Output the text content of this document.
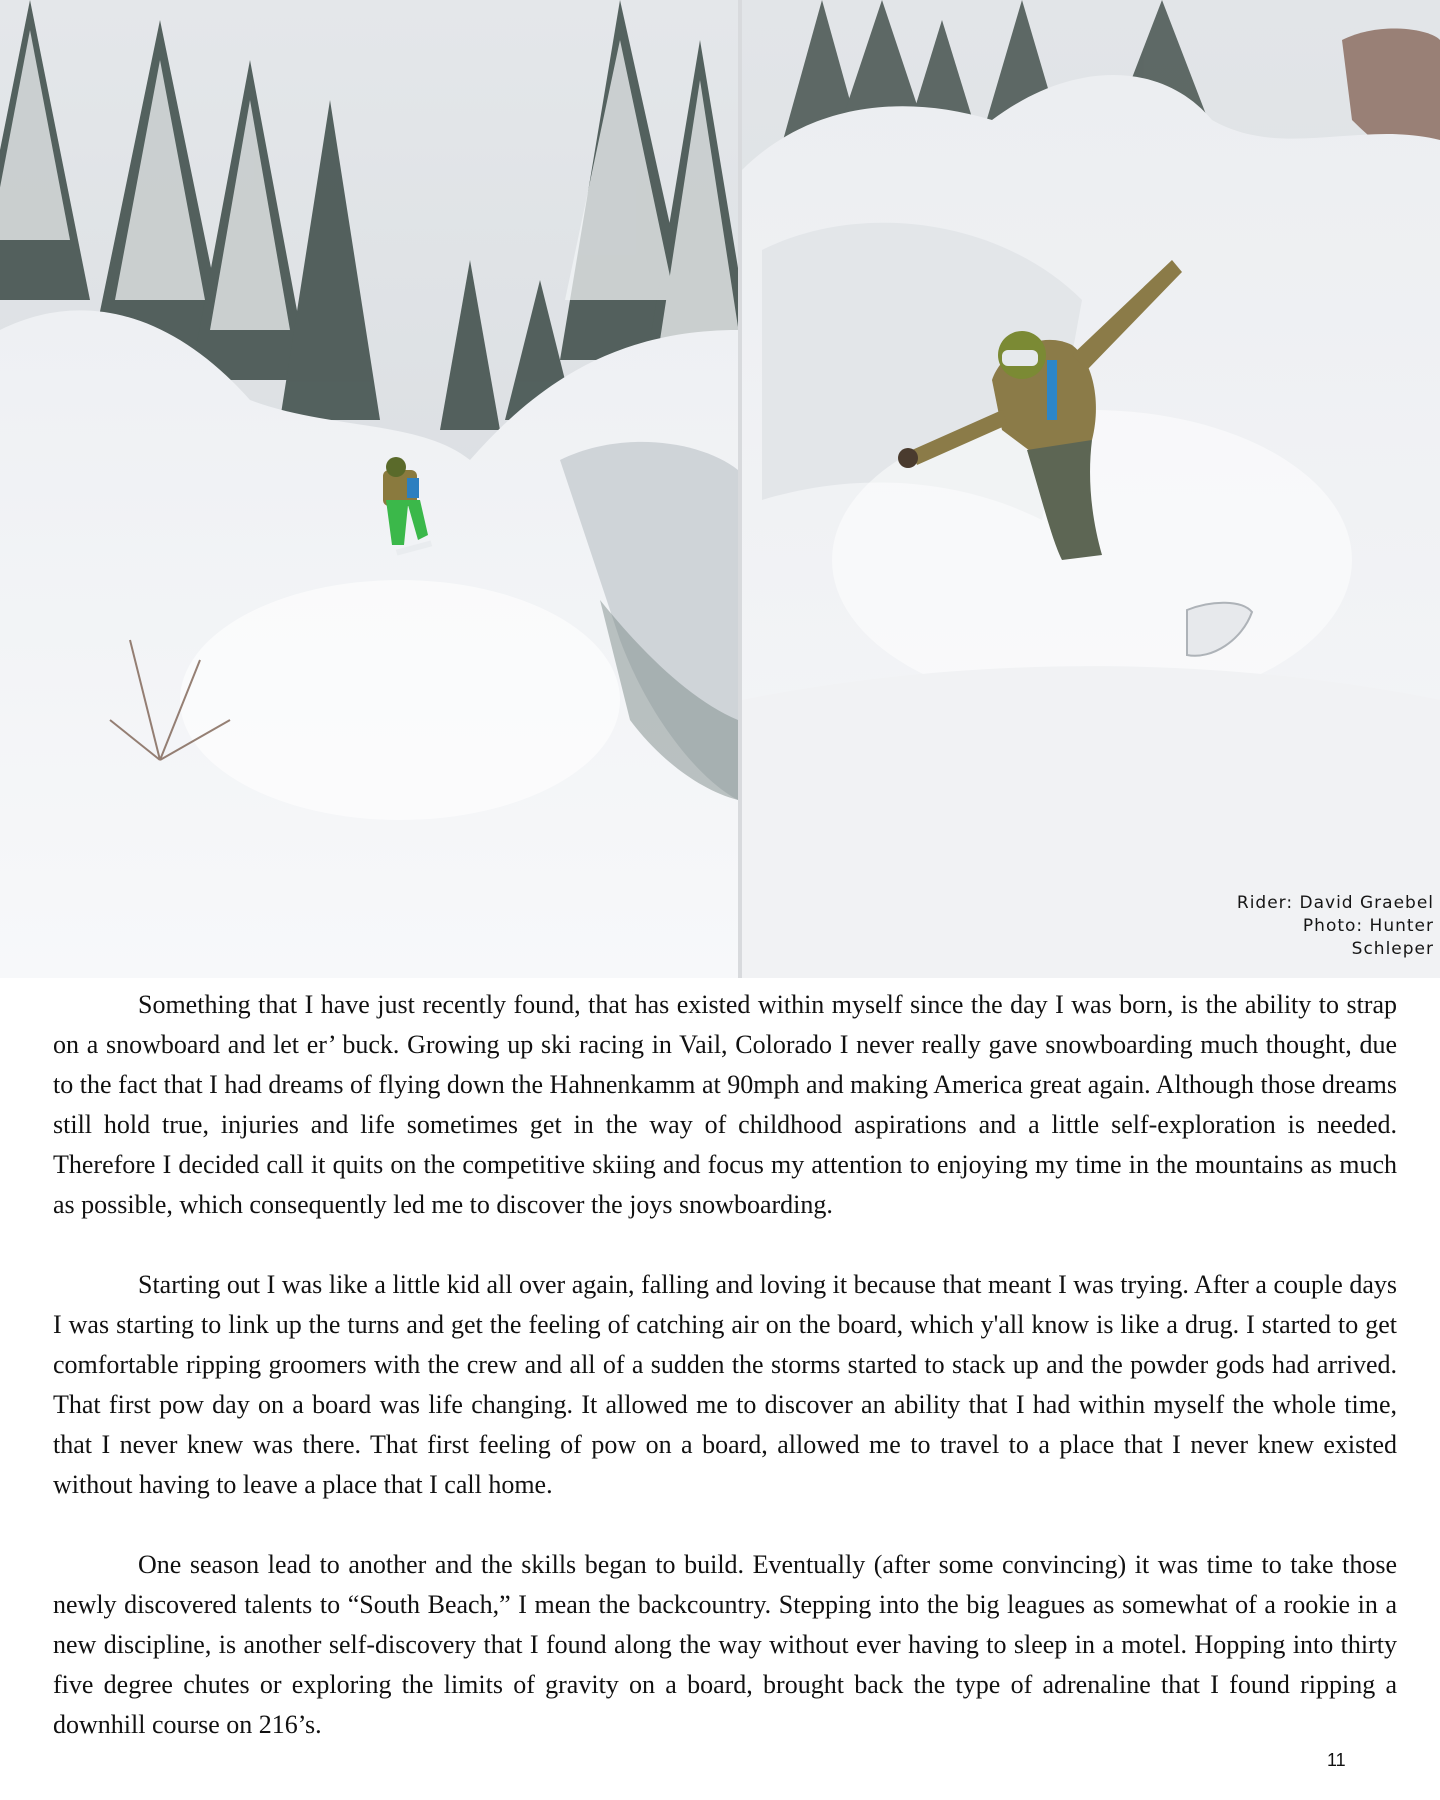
Rider: David Graebel
Photo: Hunter
Schleper

Something that I have just recently found, that has existed within myself since the day I was born, is the ability to strap on a snowboard and let er’ buck. Growing up ski racing in Vail, Colorado I never really gave snowboarding much thought, due to the fact that I had dreams of flying down the Hahnenkamm at 90mph and making America great again. Although those dreams still hold true, injuries and life sometimes get in the way of childhood aspirations and a little self-exploration is needed. Therefore I decided call it quits on the competitive skiing and focus my attention to enjoying my time in the mountains as much as possible, which consequently led me to discover the joys snowboarding.

Starting out I was like a little kid all over again, falling and loving it because that meant I was trying. After a couple days I was starting to link up the turns and get the feeling of catching air on the board, which y'all know is like a drug. I started to get comfortable ripping groomers with the crew and all of a sudden the storms started to stack up and the powder gods had arrived. That first pow day on a board was life changing. It allowed me to discover an ability that I had within myself the whole time, that I never knew was there. That first feeling of pow on a board, allowed me to travel to a place that I never knew existed without having to leave a place that I call home.

One season lead to another and the skills began to build. Eventually (after some convincing) it was time to take those newly discovered talents to “South Beach,” I mean the backcountry. Stepping into the big leagues as somewhat of a rookie in a new discipline, is another self-discovery that I found along the way without ever having to sleep in a motel. Hopping into thirty five degree chutes or exploring the limits of gravity on a board, brought back the type of adrenaline that I found ripping a downhill course on 216’s.

11
